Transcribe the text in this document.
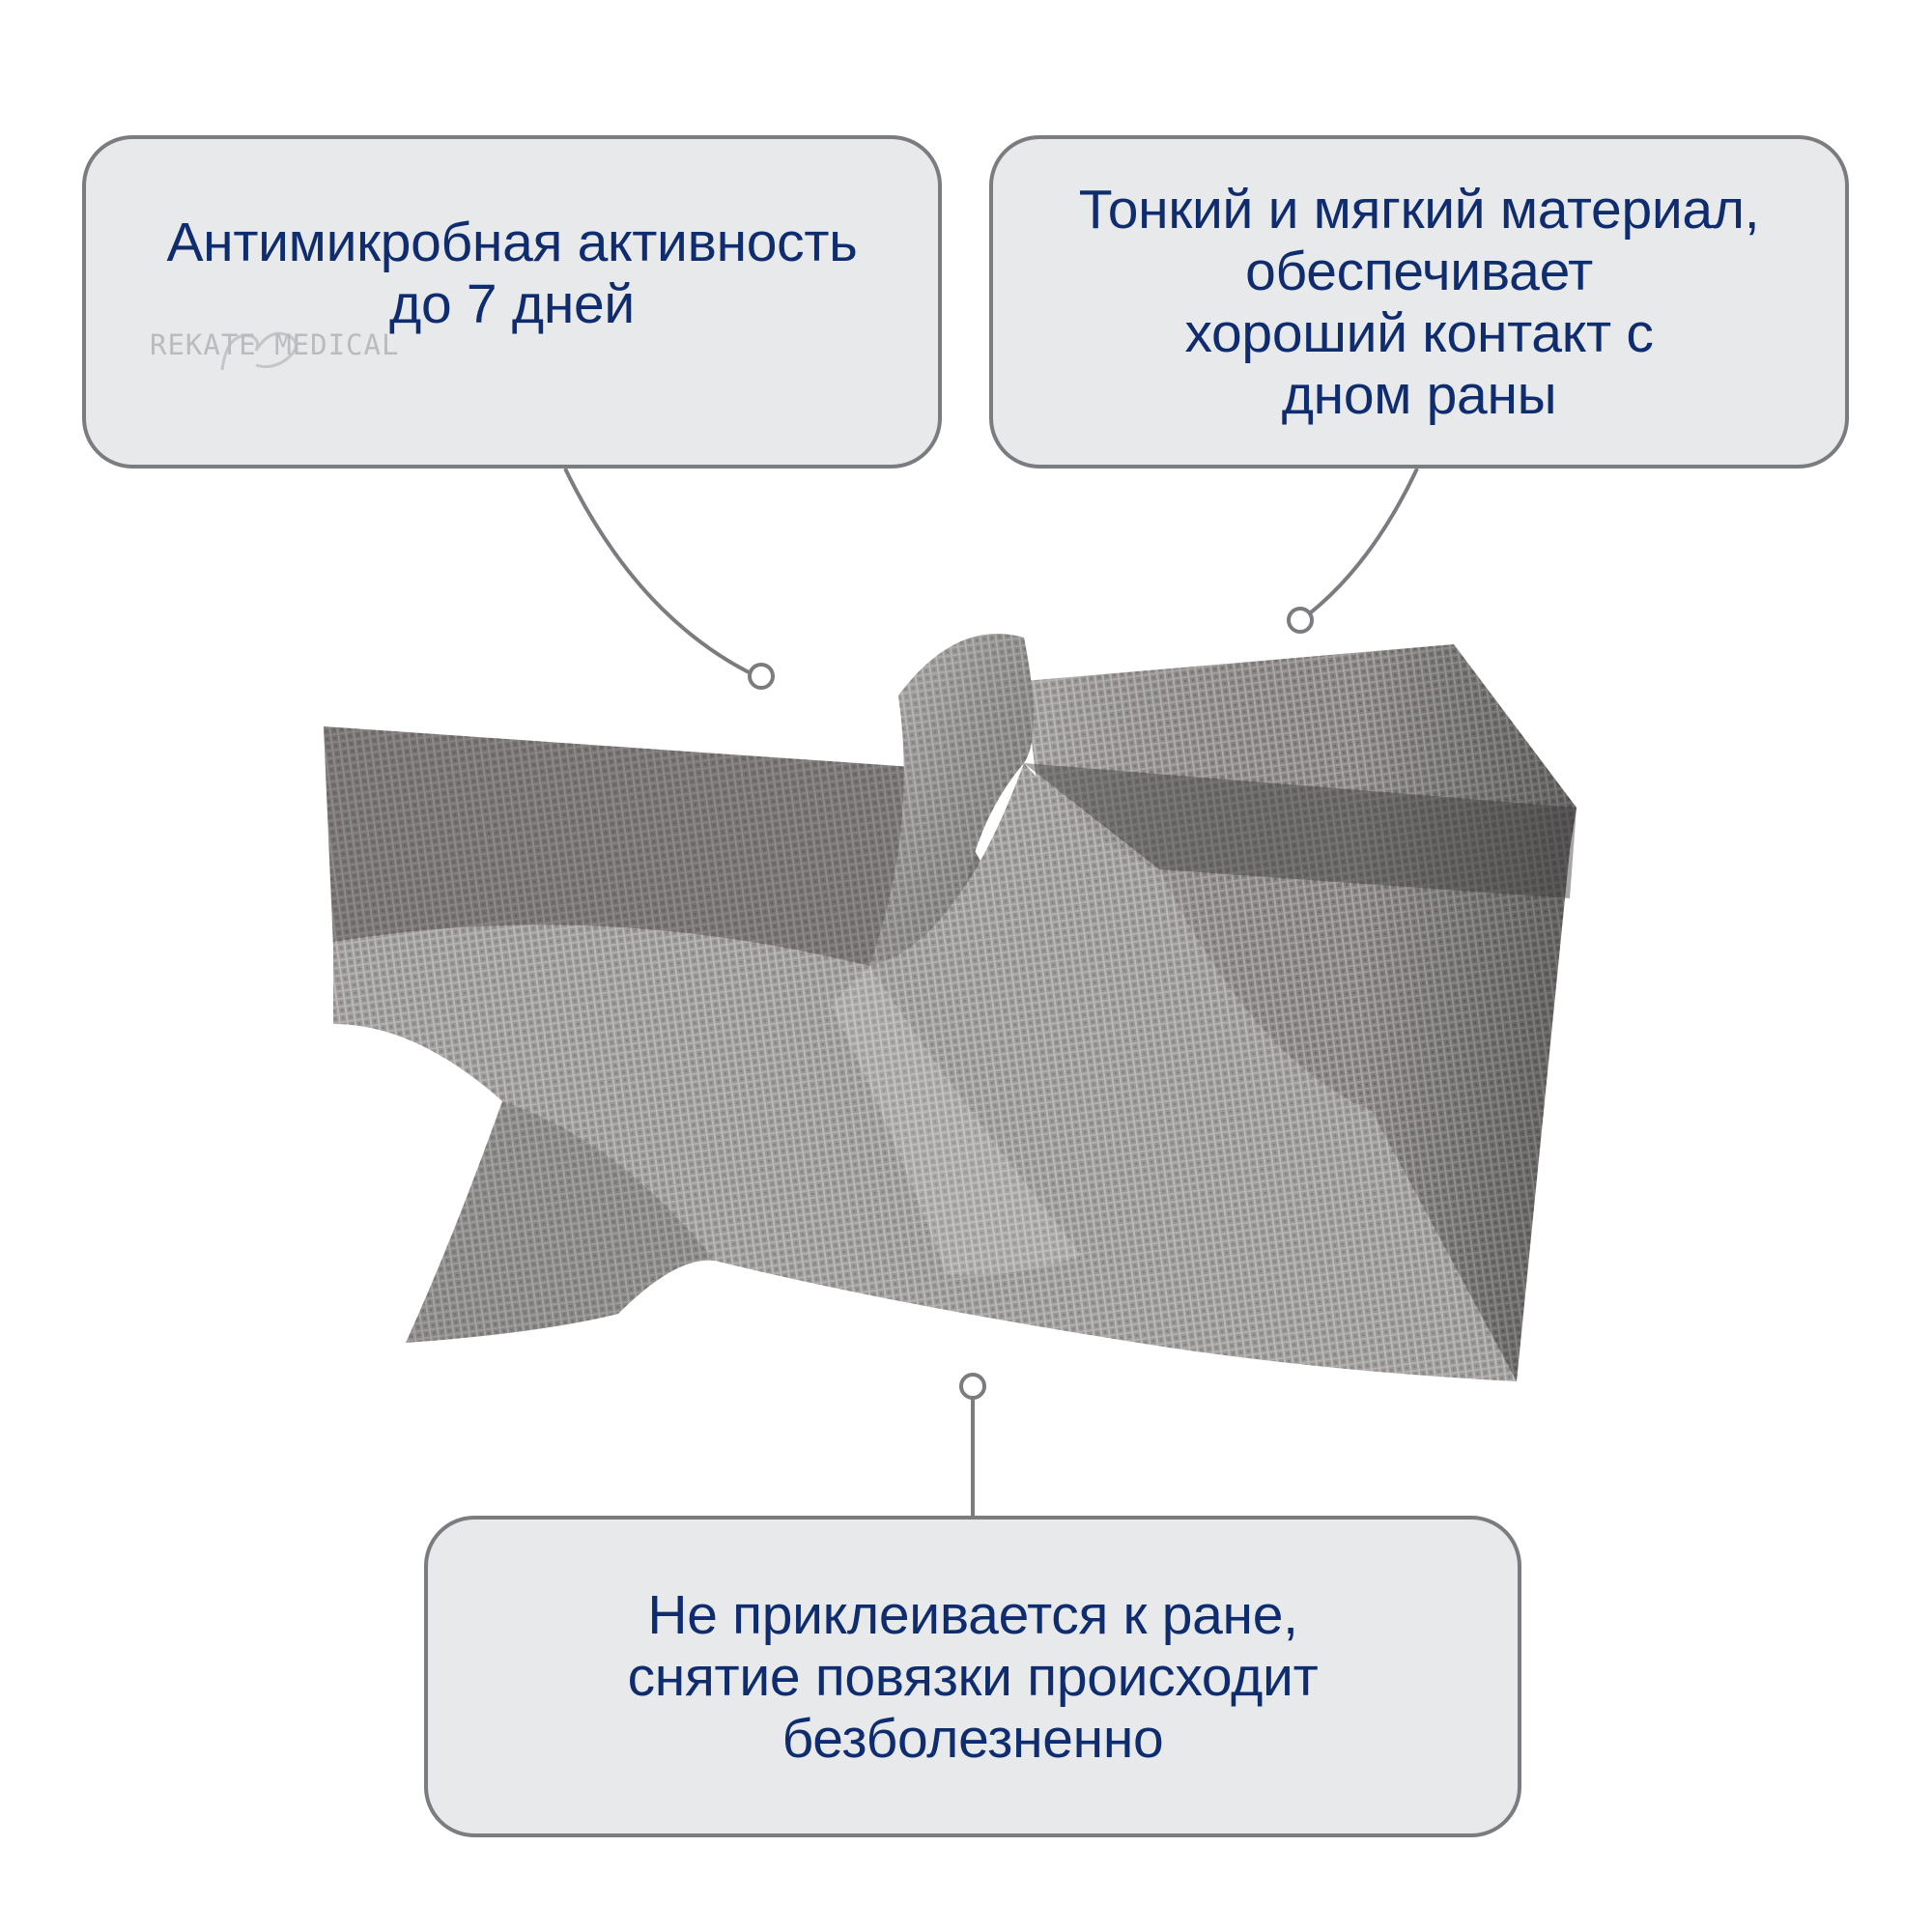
Антимикробная активность
до 7 дней
Тонкий и мягкий материал,
обеспечивает
хороший контакт с
дном раны
Не приклеивается к ране,
снятие повязки происходит
безболезненно
REKATE MEDICAL
